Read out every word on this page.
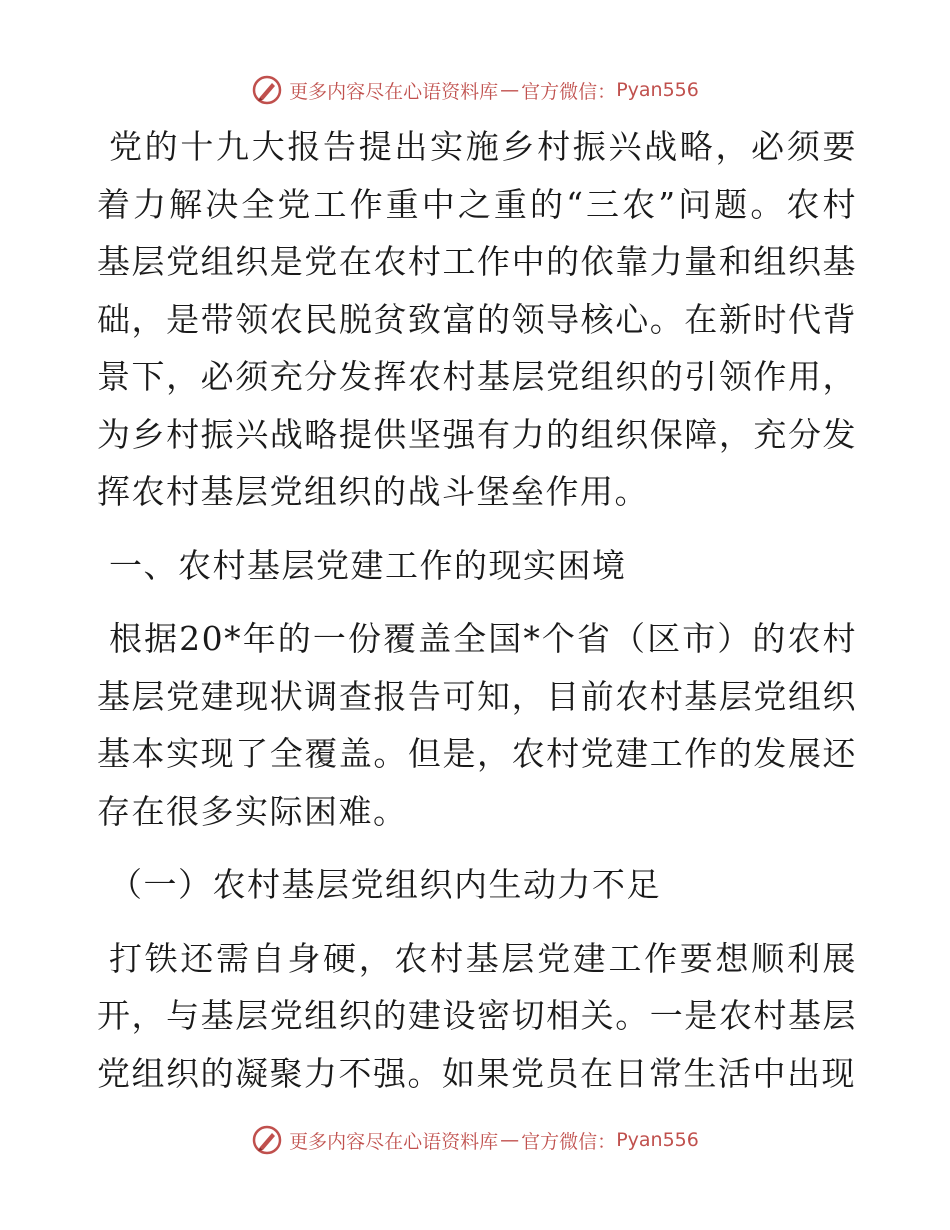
更多内容尽在心语资料库 — 官方微信： Pyan556

党的十九大报告提出实施乡村振兴战略，必须要着力解决全党工作重中之重的“三农”问题。农村基层党组织是党在农村工作中的依靠力量和组织基础，是带领农民脱贫致富的领导核心。在新时代背景下，必须充分发挥农村基层党组织的引领作用，为乡村振兴战略提供坚强有力的组织保障，充分发挥农村基层党组织的战斗堡垒作用。

一、农村基层党建工作的现实困境

根据20*年的一份覆盖全国*个省（区市）的农村基层党建现状调查报告可知，目前农村基层党组织基本实现了全覆盖。但是，农村党建工作的发展还存在很多实际困难。

（一）农村基层党组织内生动力不足

打铁还需自身硬，农村基层党建工作要想顺利展开，与基层党组织的建设密切相关。一是农村基层党组织的凝聚力不强。如果党员在日常生活中出现

更多内容尽在心语资料库 — 官方微信： Pyan556
